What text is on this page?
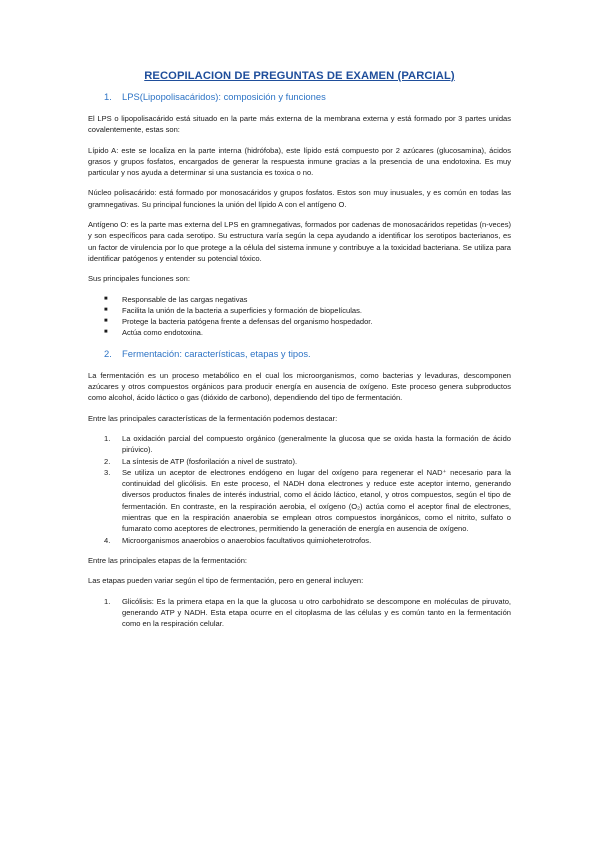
RECOPILACION DE PREGUNTAS DE EXAMEN (PARCIAL)
1.	LPS(Lipopolisacáridos): composición y funciones

El LPS o lipopolisacárido está situado en la parte más externa de la membrana externa y está formado por 3 partes unidas covalentemente, estas son:

Lípido A: este se localiza en la parte interna (hidrófoba), este lípido está compuesto por 2 azúcares (glucosamina), ácidos grasos y grupos fosfatos, encargados de generar la respuesta inmune gracias a la presencia de una endotoxina. Es muy particular y nos ayuda a determinar si una sustancia es toxica o no.

Núcleo polisacárido: está formado por monosacáridos y grupos fosfatos. Estos son muy inusuales, y es común en todas las gramnegativas. Su principal funciones la unión del lípido A con el antígeno O.

Antígeno O: es la parte mas externa del LPS en gramnegativas, formados por cadenas de monosacáridos repetidas (n-veces) y son específicos para cada serotipo. Su estructura varía según la cepa ayudando a identificar los serotipos bacterianos, es un factor de virulencia por lo que protege a la célula del sistema inmune y contribuye a la toxicidad bacteriana. Se utiliza para identificar patógenos y entender su potencial tóxico.

Sus principales funciones son:

■	Responsable de las cargas negativas
■	Facilita la unión de la bacteria a superficies y formación de biopelículas.
■	Protege la bacteria patógena frente a defensas del organismo hospedador.
■	Actúa como endotoxina.
2.	Fermentación: características, etapas y tipos.

La fermentación es un proceso metabólico en el cual los microorganismos, como bacterias y levaduras, descomponen azúcares y otros compuestos orgánicos para producir energía en ausencia de oxígeno. Este proceso genera subproductos como alcohol, ácido láctico o gas (dióxido de carbono), dependiendo del tipo de fermentación.

Entre las principales características de la fermentación podemos destacar:

1.	La oxidación parcial del compuesto orgánico (generalmente la glucosa que se oxida hasta la formación de ácido pirúvico).
2.	La síntesis de ATP (fosforilación a nivel de sustrato).
3.	Se utiliza un aceptor de electrones endógeno en lugar del oxígeno para regenerar el NAD⁺ necesario para la continuidad del glicólisis. En este proceso, el NADH dona electrones y reduce este aceptor interno, generando diversos productos finales de interés industrial, como el ácido láctico, etanol, y otros compuestos, según el tipo de fermentación. En contraste, en la respiración aerobia, el oxígeno (O₂) actúa como el aceptor final de electrones, mientras que en la respiración anaerobia se emplean otros compuestos inorgánicos, como el nitrito, sulfato o fumarato como aceptores de electrones, permitiendo la generación de energía en ausencia de oxígeno.
4.	Microorganismos anaerobios o anaerobios facultativos quimioheterotrofos.

Entre las principales etapas de la fermentación:

Las etapas pueden variar según el tipo de fermentación, pero en general incluyen:

1.	Glicólisis: Es la primera etapa en la que la glucosa u otro carbohidrato se descompone en moléculas de piruvato, generando ATP y NADH. Esta etapa ocurre en el citoplasma de las células y es común tanto en la fermentación como en la respiración celular.
